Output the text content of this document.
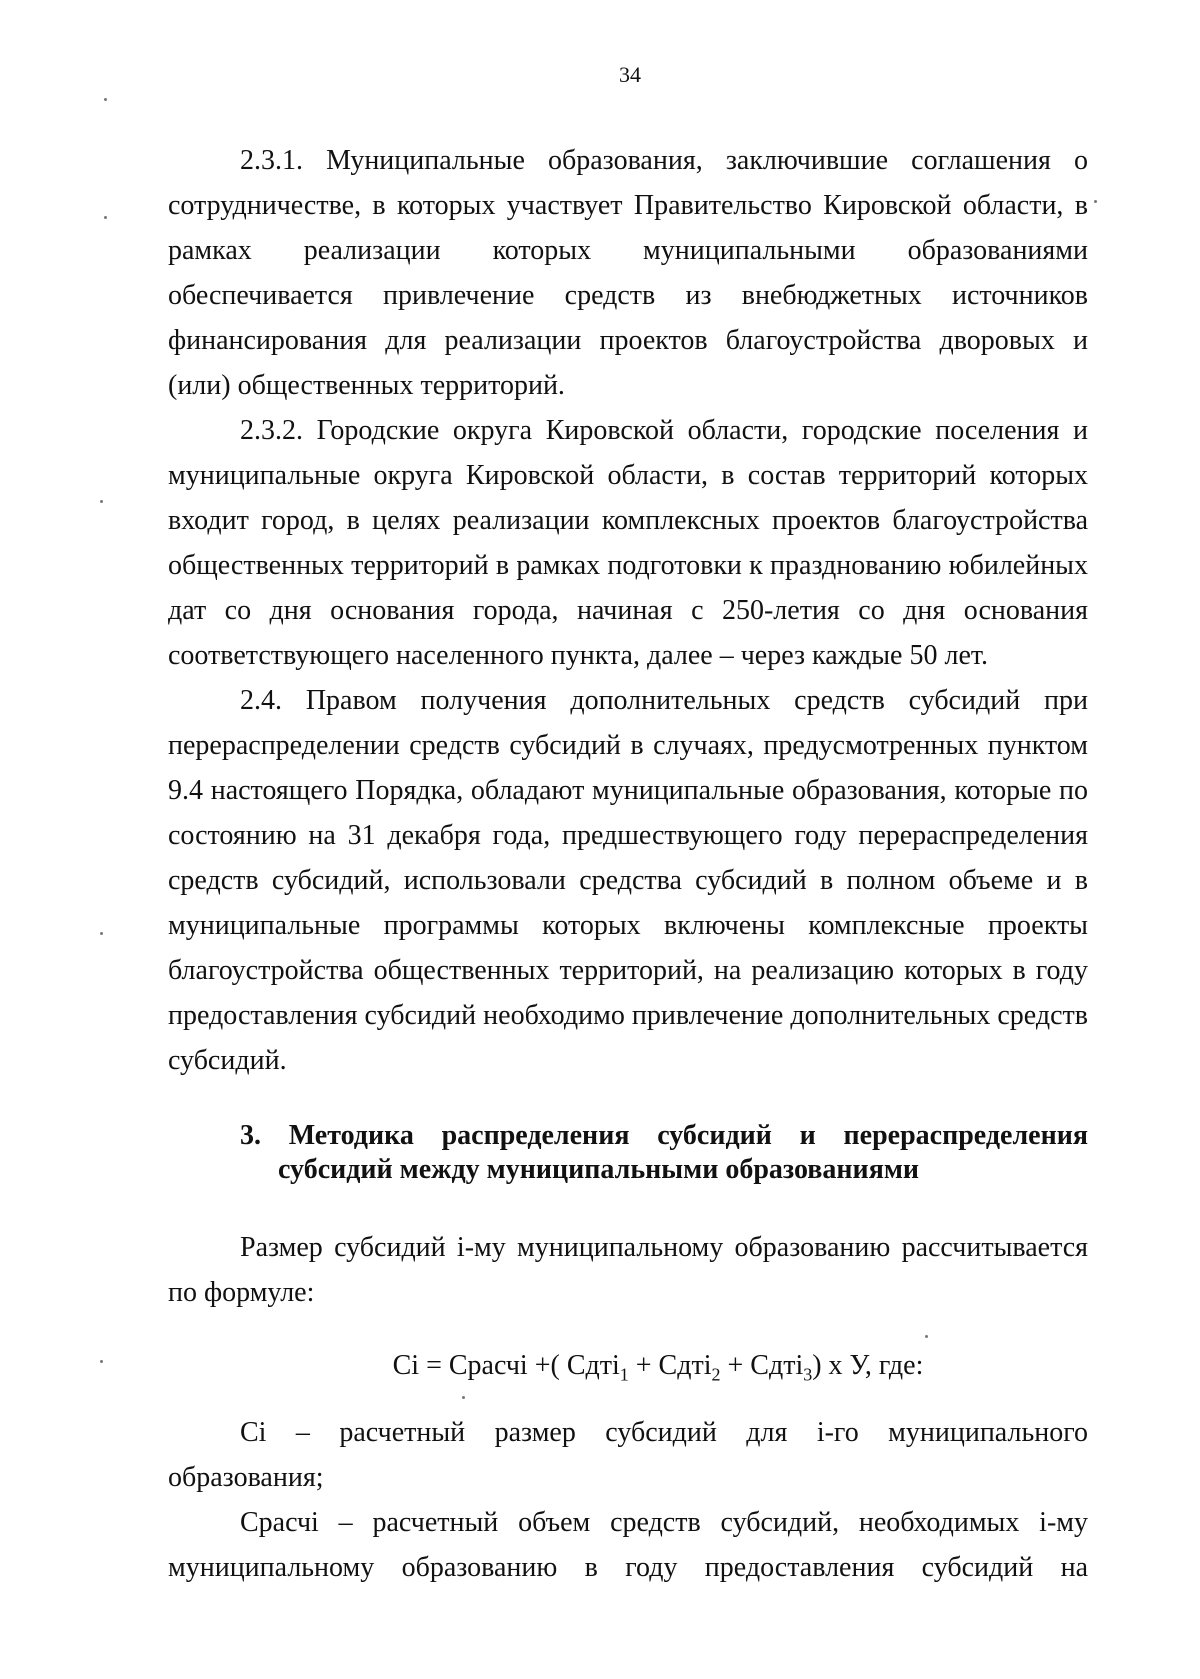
34

2.3.1. Муниципальные образования, заключившие соглашения о сотрудничестве, в которых участвует Правительство Кировской области, в рамках реализации которых муниципальными образованиями обеспечивается привлечение средств из внебюджетных источников финансирования для реализации проектов благоустройства дворовых и (или) общественных территорий.

2.3.2. Городские округа Кировской области, городские поселения и муниципальные округа Кировской области, в состав территорий которых входит город, в целях реализации комплексных проектов благоустройства общественных территорий в рамках подготовки к празднованию юбилейных дат со дня основания города, начиная с 250-летия со дня основания соответствующего населенного пункта, далее – через каждые 50 лет.

2.4. Правом получения дополнительных средств субсидий при перераспределении средств субсидий в случаях, предусмотренных пунктом 9.4 настоящего Порядка, обладают муниципальные образования, которые по состоянию на 31 декабря года, предшествующего году перераспределения средств субсидий, использовали средства субсидий в полном объеме и в муниципальные программы которых включены комплексные проекты благоустройства общественных территорий, на реализацию которых в году предоставления субсидий необходимо привлечение дополнительных средств субсидий.

3. Методика распределения субсидий и перераспределения
субсидий между муниципальными образованиями

Размер субсидий i-му муниципальному образованию рассчитывается по формуле:

Ci = Срасчi +( Сдтi$_1$ + Сдтi$_2$ + Сдтi$_3$) x У, где:

Ci – расчетный размер субсидий для i-го муниципального образования;

Срасчi – расчетный объем средств субсидий, необходимых i-му

муниципальному образованию в году предоставления субсидий на
